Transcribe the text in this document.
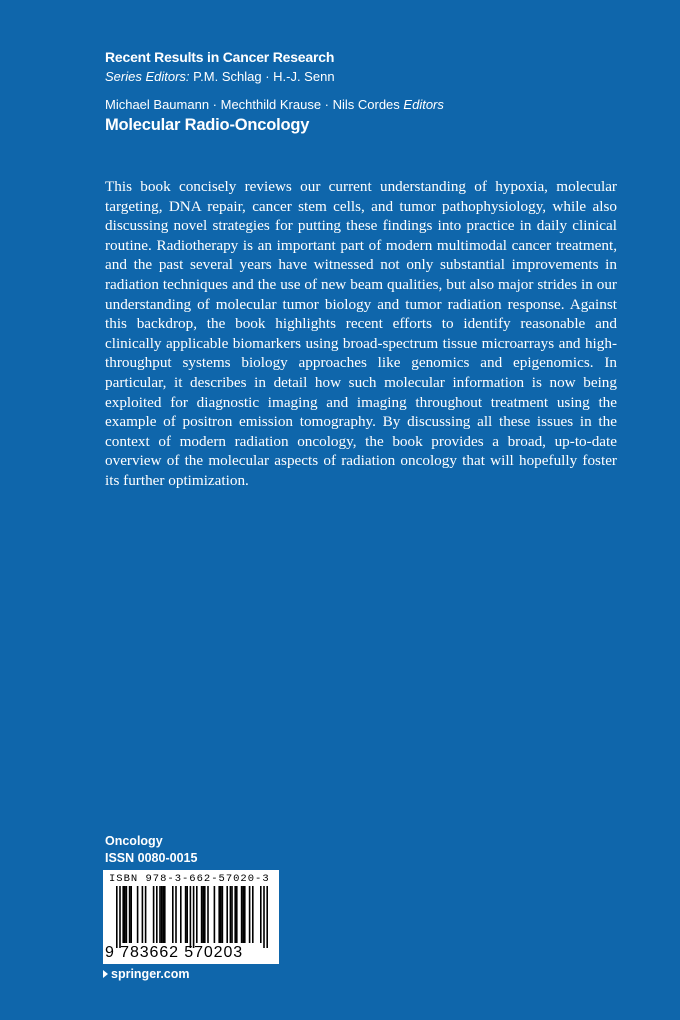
Recent Results in Cancer Research
Series Editors: P.M. Schlag · H.-J. Senn
Michael Baumann · Mechthild Krause · Nils Cordes Editors
Molecular Radio-Oncology
This book concisely reviews our current understanding of hypoxia, molecular targeting, DNA repair, cancer stem cells, and tumor pathophysiology, while also discussing novel strategies for putting these findings into practice in daily clinical routine. Radiotherapy is an important part of modern multimodal cancer treatment, and the past several years have witnessed not only substantial improvements in radiation techniques and the use of new beam qualities, but also major strides in our understanding of molecular tumor biology and tumor radiation response. Against this backdrop, the book highlights recent efforts to identify reasonable and clinically applicable biomarkers using broad-spectrum tissue microarrays and high-throughput systems biology approaches like genomics and epigenomics. In particular, it describes in detail how such molecular information is now being exploited for diagnostic imaging and imaging throughout treatment using the example of positron emission tomography. By discussing all these issues in the context of modern radiation oncology, the book provides a broad, up-to-date overview of the molecular aspects of radiation oncology that will hopefully foster its further optimization.
Oncology
ISSN 0080-0015
ISBN 978-3-662-57020-3
9 783662 570203
springer.com
